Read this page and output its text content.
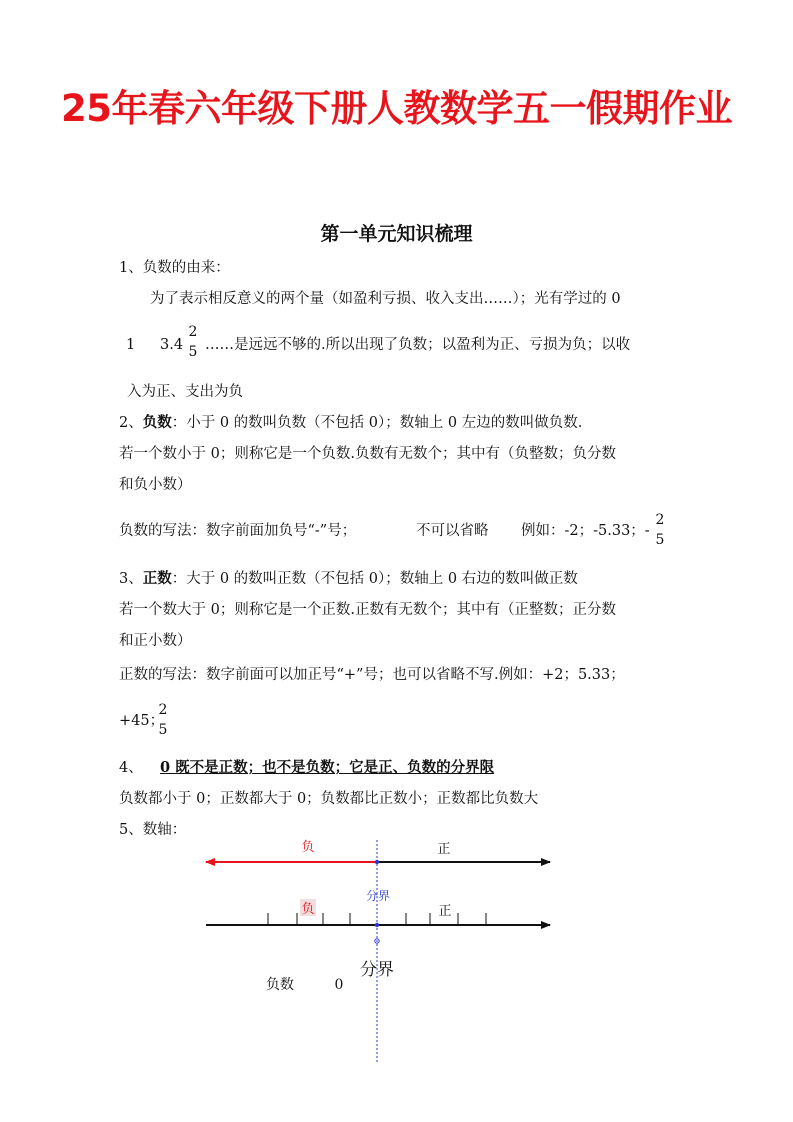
25年春六年级下册人教数学五一假期作业
第一单元知识梳理
1、负数的由来：
为了表示相反意义的两个量（如盈利亏损、收入支出……）；光有学过的 0
1 3.4
2
5 ……是远远不够的.所以出现了负数；以盈利为正、亏损为负；以收
入为正、支出为负
2、负数：小于 0 的数叫负数（不包括 0）；数轴上 0 左边的数叫做负数.
若一个数小于 0；则称它是一个负数.负数有无数个；其中有（负整数；负分数
和负小数）
负数的写法：数字前面加负号“-”号；	不可以省略 例如：-2；-5.33；-
2
5
3、正数：大于 0 的数叫正数（不包括 0）；数轴上 0 右边的数叫做正数
若一个数大于 0；则称它是一个正数.正数有无数个；其中有（正整数；正分数
和正小数）
正数的写法：数字前面可以加正号“+”号；也可以省略不写.例如：+2；5.33；
+45；
2
5
4、 0 既不是正数；也不是负数；它是正、负数的分界限
负数都小于 0；正数都大于 0；负数都比正数小；正数都比负数大
5、数轴：
负	正
负	正
分界
分界
负数	0
